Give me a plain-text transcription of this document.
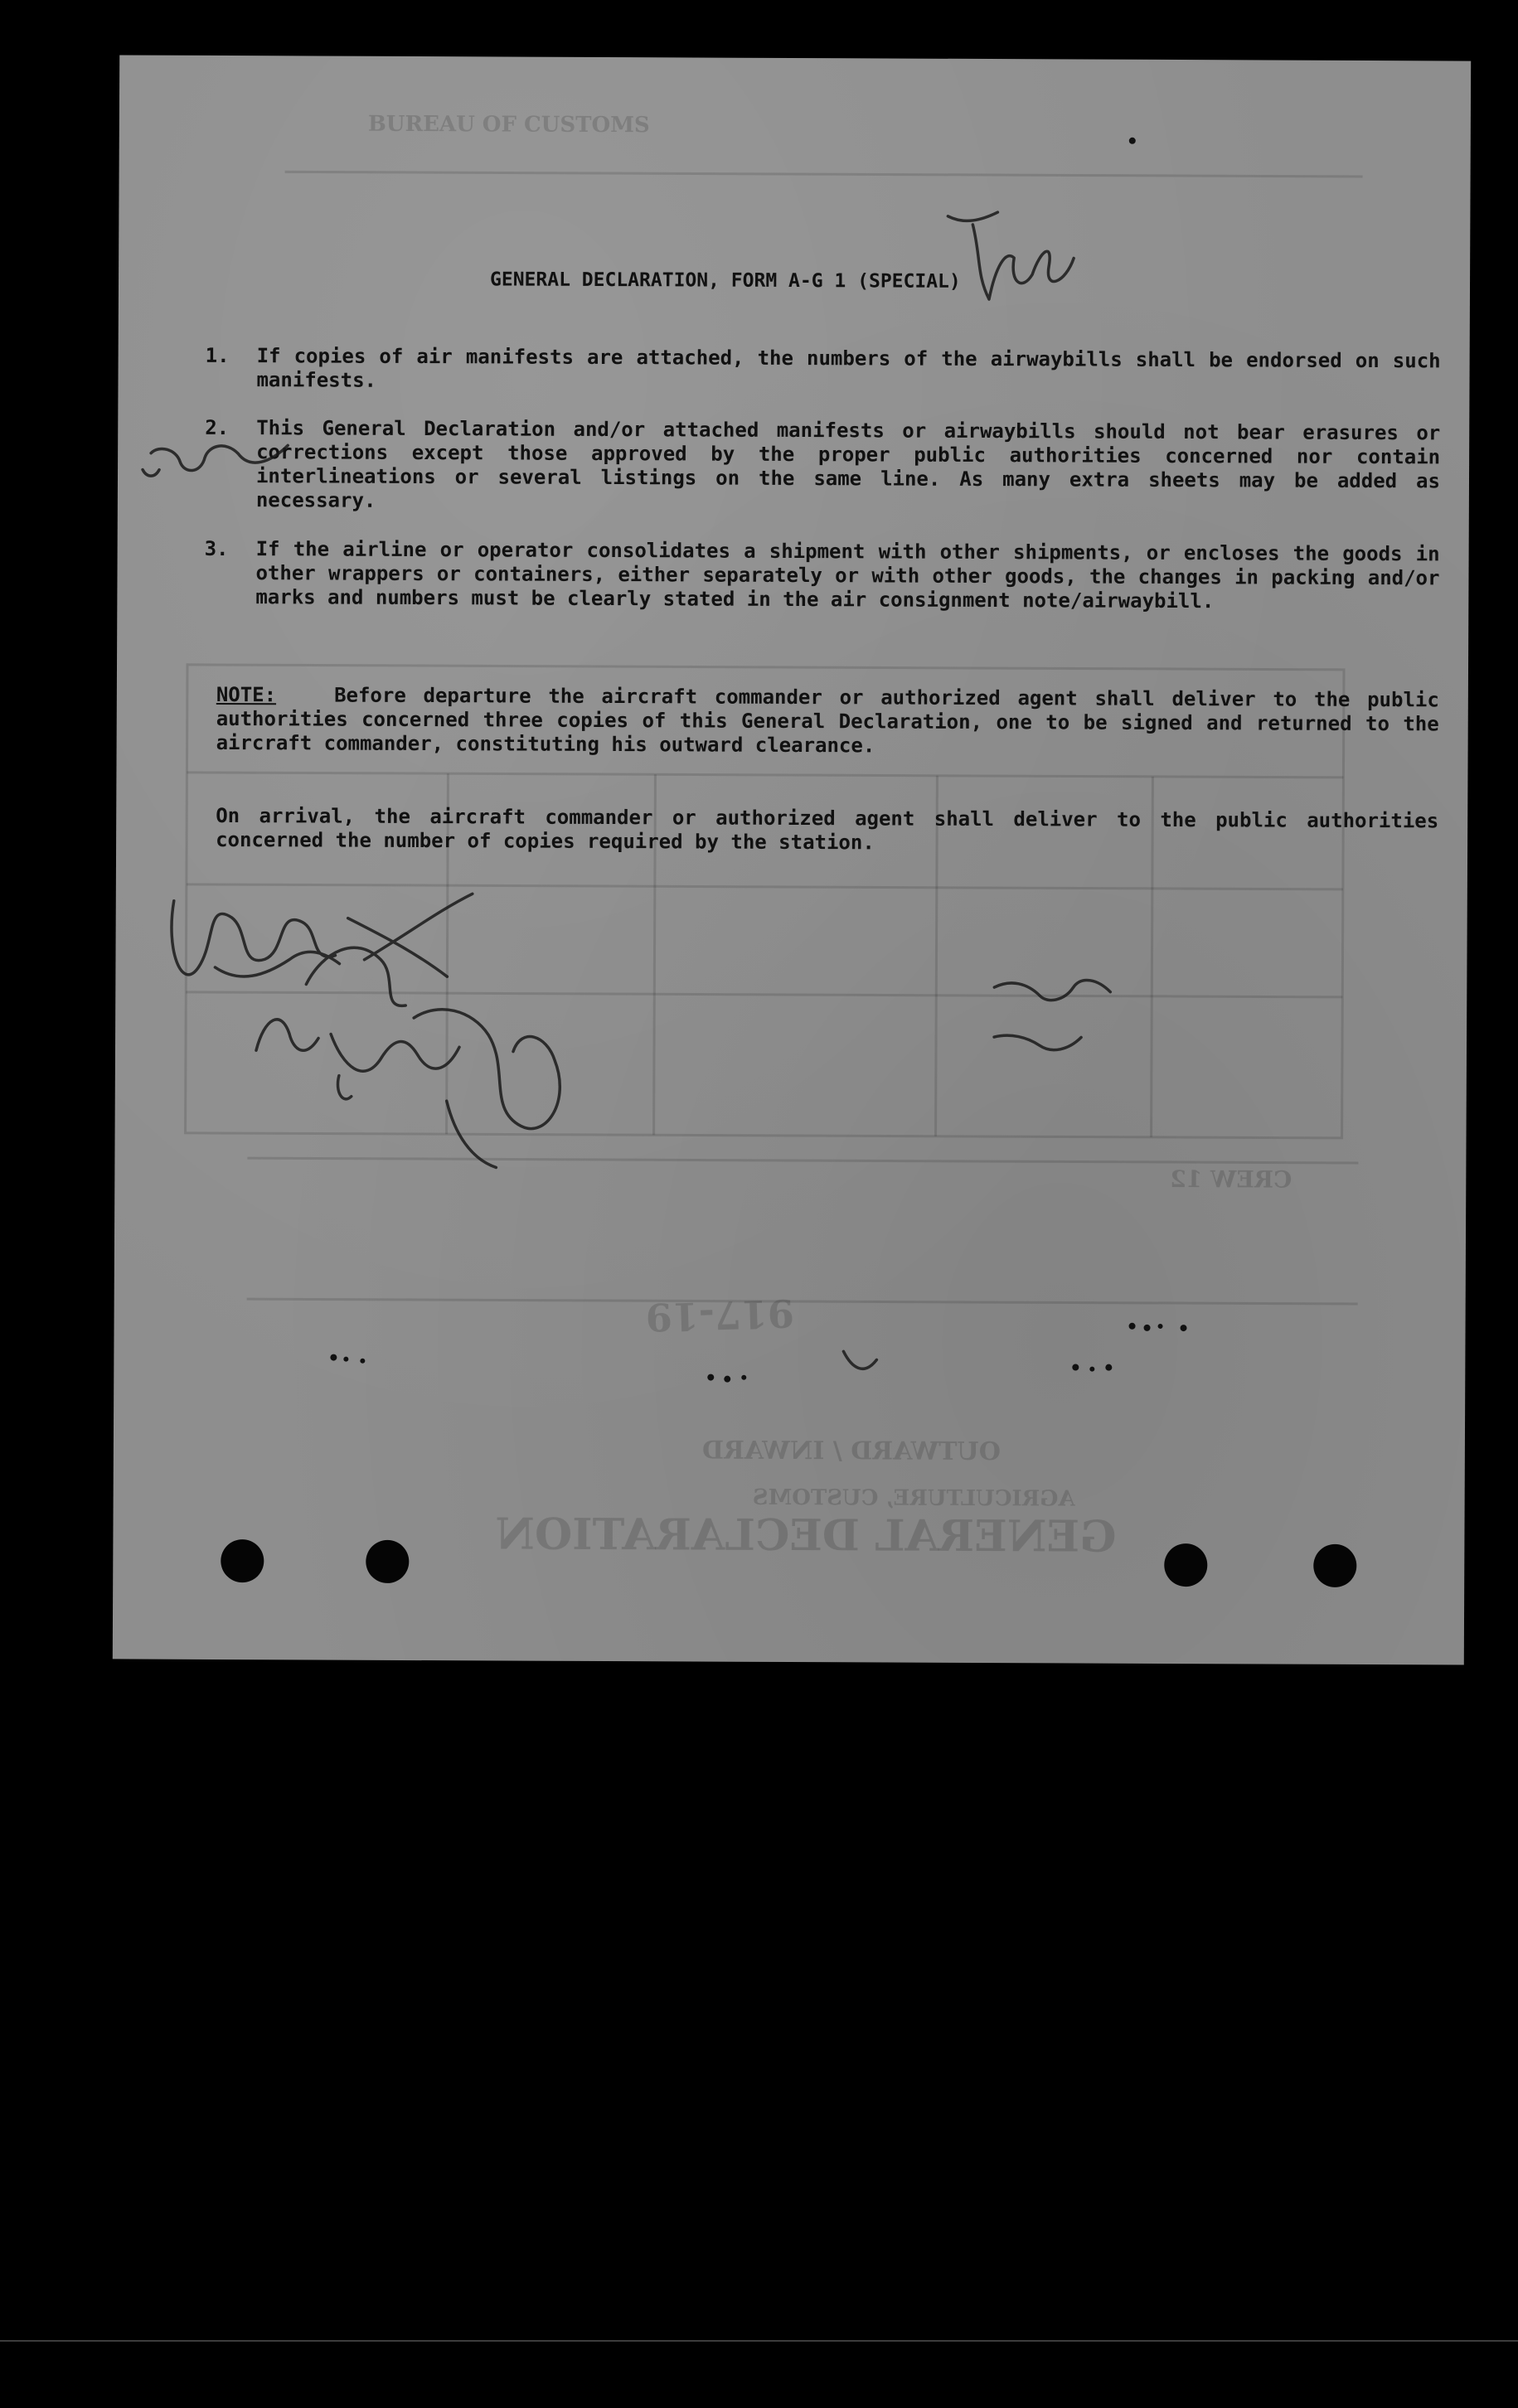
GENERAL DECLARATION
OUTWARD / INWARD
AGRICULTURE, CUSTOMS
BUREAU OF CUSTOMS
CREW 12
917-19
GENERAL DECLARATION, FORM A-G 1 (SPECIAL)
1.	If copies of air manifests are attached, the numbers of the airwaybills shall be endorsed on such manifests.
2.	This General Declaration and/or attached manifests or airwaybills should not bear erasures or corrections except those approved by the proper public authorities concerned nor contain interlineations or several listings on the same line. As many extra sheets may be added as necessary.
3.	If the airline or operator consolidates a shipment with other shipments, or encloses the goods in other wrappers or containers, either separately or with other goods, the changes in packing and/or marks and numbers must be clearly stated in the air consignment note/airwaybill.
NOTE:	Before departure the aircraft commander or authorized agent shall deliver to the public authorities concerned three copies of this General Declaration, one to be signed and returned to the aircraft commander, constituting his outward clearance.
On arrival, the aircraft commander or authorized agent shall deliver to the public authorities concerned the number of copies required by the station.
